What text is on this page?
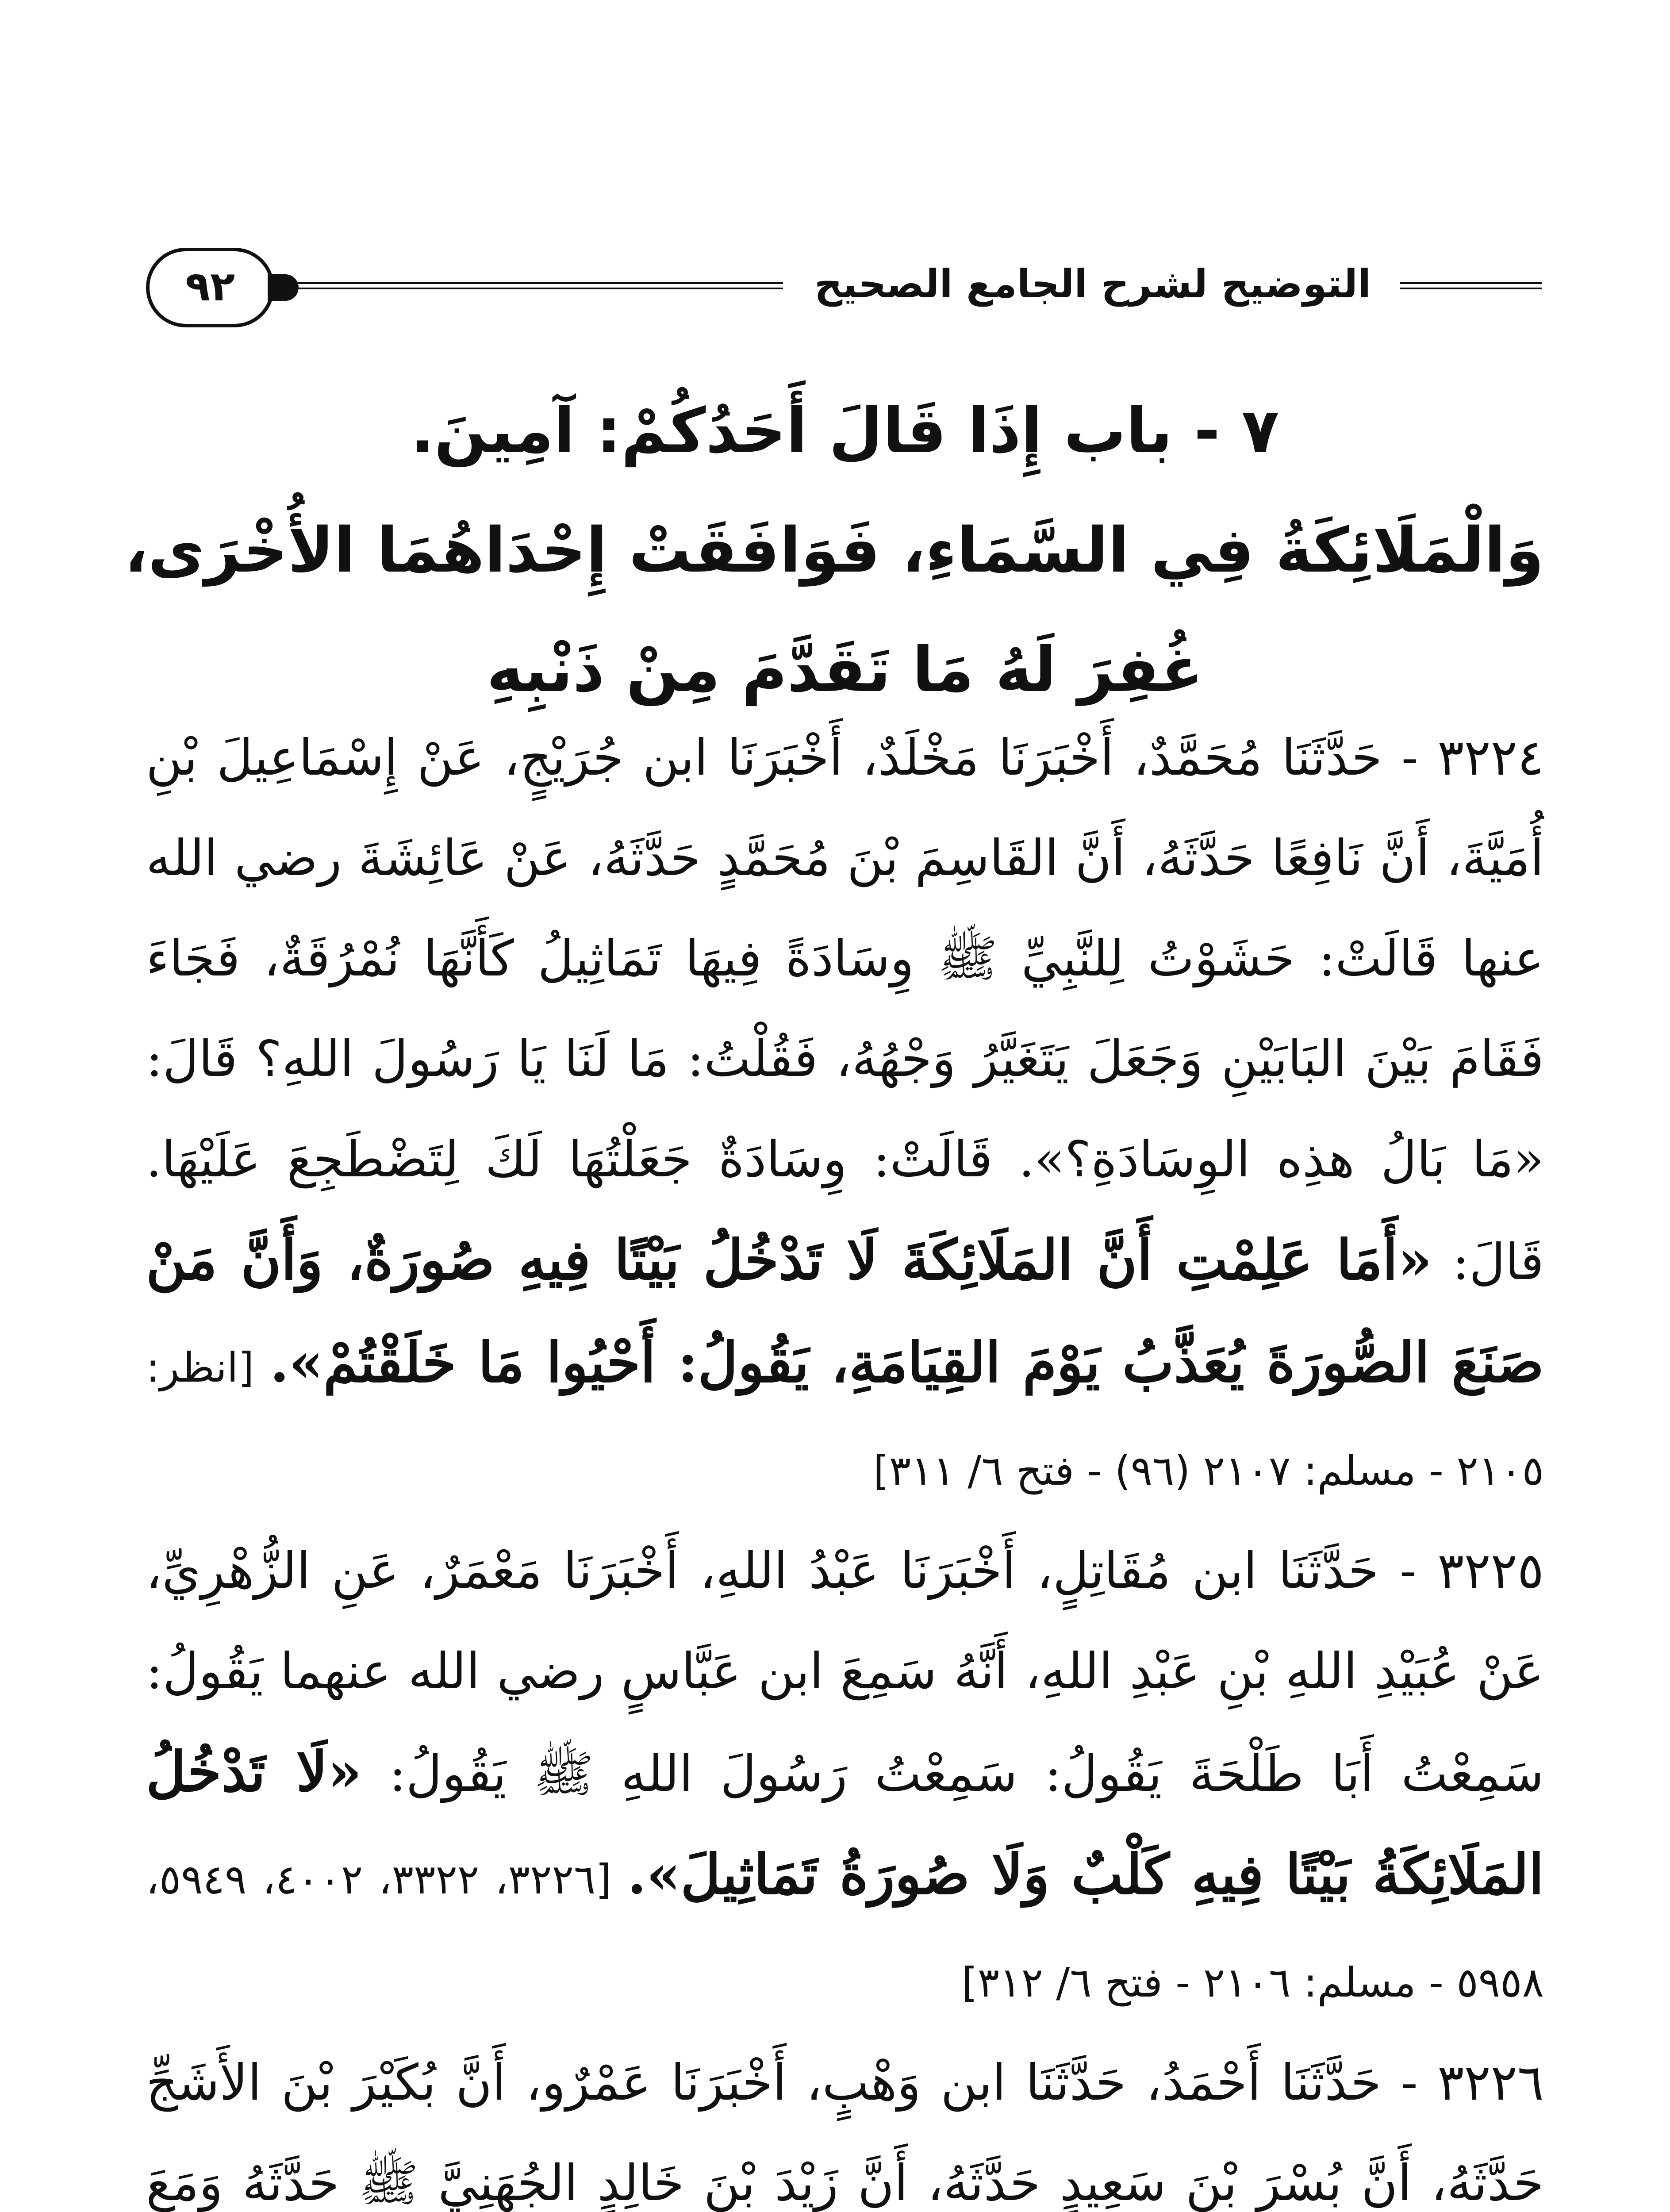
٩٢	التوضيح لشرح الجامع الصحيح
٧ - باب إِذَا قَالَ أَحَدُكُمْ: آمِينَ.
وَالْمَلَائِكَةُ فِي السَّمَاءِ، فَوَافَقَتْ إِحْدَاهُمَا الأُخْرَى،
غُفِرَ لَهُ مَا تَقَدَّمَ مِنْ ذَنْبِهِ

٣٢٢٤ - حَدَّثَنَا مُحَمَّدٌ، أَخْبَرَنَا مَخْلَدٌ، أَخْبَرَنَا ابن جُرَيْجٍ، عَنْ إِسْمَاعِيلَ بْنِ أُمَيَّةَ، أَنَّ نَافِعًا حَدَّثَهُ، أَنَّ القَاسِمَ بْنَ مُحَمَّدٍ حَدَّثَهُ، عَنْ عَائِشَةَ رضي الله عنها قَالَتْ: حَشَوْتُ لِلنَّبِيِّ ﷺ وِسَادَةً فِيهَا تَمَاثِيلُ كَأَنَّهَا نُمْرُقَةٌ، فَجَاءَ فَقَامَ بَيْنَ البَابَيْنِ وَجَعَلَ يَتَغَيَّرُ وَجْهُهُ، فَقُلْتُ: مَا لَنَا يَا رَسُولَ اللهِ؟ قَالَ: «مَا بَالُ هذِه الوِسَادَةِ؟». قَالَتْ: وِسَادَةٌ جَعَلْتُهَا لَكَ لِتَضْطَجِعَ عَلَيْهَا. قَالَ: «أَمَا عَلِمْتِ أَنَّ المَلَائِكَةَ لَا تَدْخُلُ بَيْتًا فِيهِ صُورَةٌ، وَأَنَّ مَنْ صَنَعَ الصُّورَةَ يُعَذَّبُ يَوْمَ القِيَامَةِ، يَقُولُ: أَحْيُوا مَا خَلَقْتُمْ». [انظر: ٢١٠٥ - مسلم: ٢١٠٧ (٩٦) - فتح ٦/ ٣١١]

٣٢٢٥ - حَدَّثَنَا ابن مُقَاتِلٍ، أَخْبَرَنَا عَبْدُ اللهِ، أَخْبَرَنَا مَعْمَرٌ، عَنِ الزُّهْرِيِّ، عَنْ عُبَيْدِ اللهِ بْنِ عَبْدِ اللهِ، أَنَّهُ سَمِعَ ابن عَبَّاسٍ رضي الله عنهما يَقُولُ: سَمِعْتُ أَبَا طَلْحَةَ يَقُولُ: سَمِعْتُ رَسُولَ اللهِ ﷺ يَقُولُ: «لَا تَدْخُلُ المَلَائِكَةُ بَيْتًا فِيهِ كَلْبٌ وَلَا صُورَةُ تَمَاثِيلَ». [٣٢٢٦، ٣٣٢٢، ٤٠٠٢، ٥٩٤٩، ٥٩٥٨ - مسلم: ٢١٠٦ - فتح ٦/ ٣١٢]

٣٢٢٦ - حَدَّثَنَا أَحْمَدُ، حَدَّثَنَا ابن وَهْبٍ، أَخْبَرَنَا عَمْرٌو، أَنَّ بُكَيْرَ بْنَ الأَشَجِّ حَدَّثَهُ، أَنَّ بُسْرَ بْنَ سَعِيدٍ حَدَّثَهُ، أَنَّ زَيْدَ بْنَ خَالِدٍ الجُهَنِيَّ ﷺ حَدَّثَهُ وَمَعَ
